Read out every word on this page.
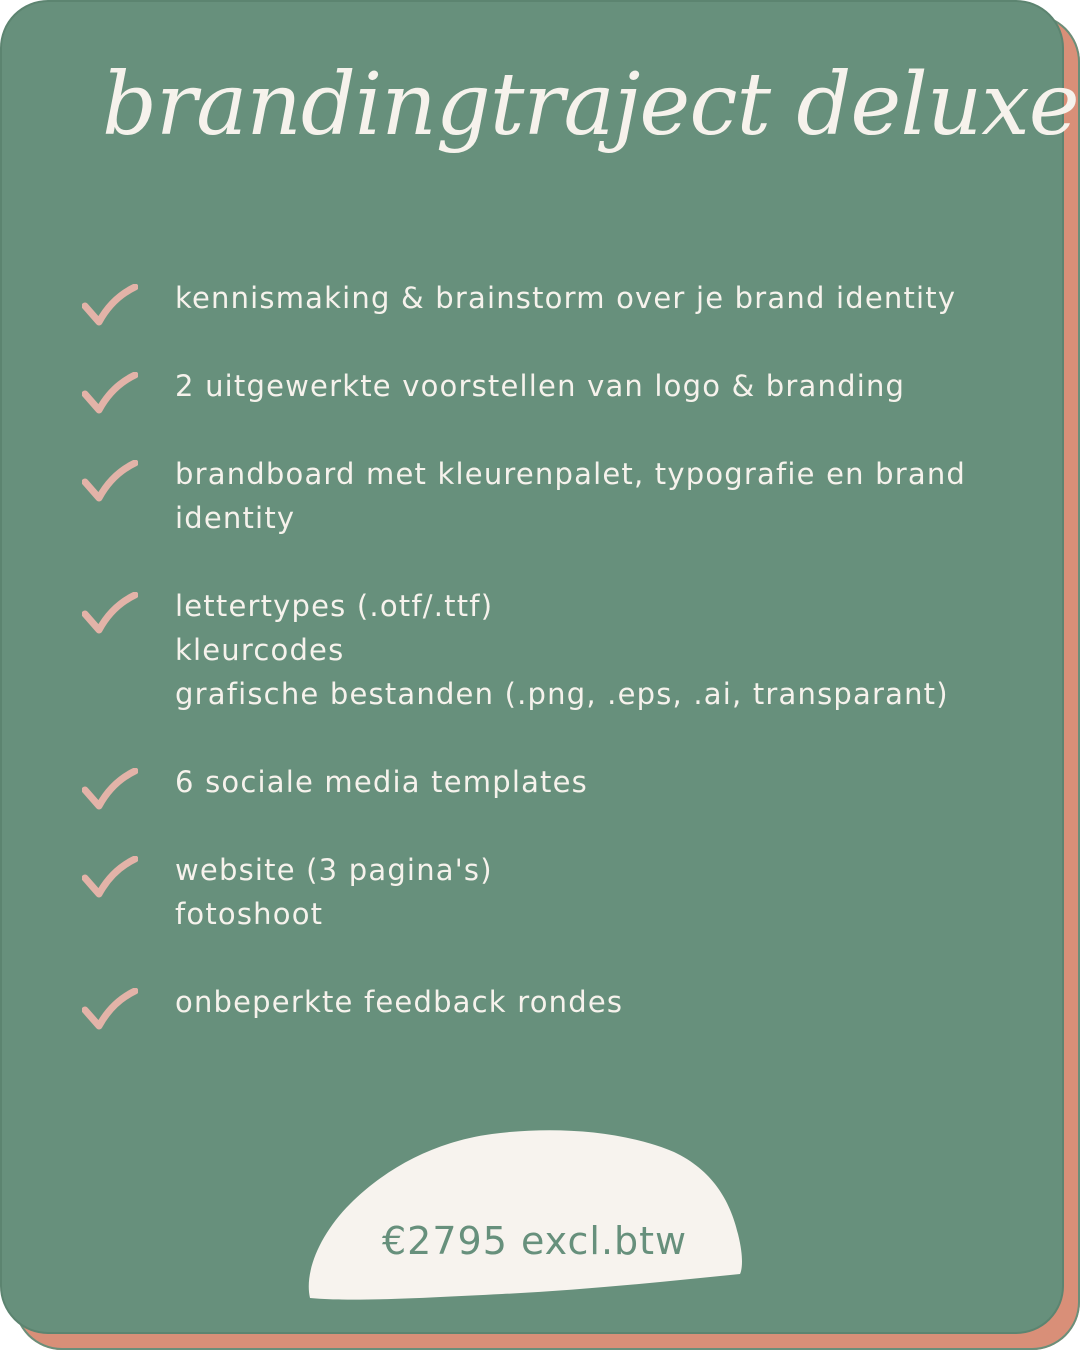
brandingtraject deluxe
kennismaking & brainstorm over je brand identity
2 uitgewerkte voorstellen van logo & branding
brandboard met kleurenpalet, typografie en brand
identity
lettertypes (.otf/.ttf)
kleurcodes
grafische bestanden (.png, .eps, .ai, transparant)
6 sociale media templates
website (3 pagina's)
fotoshoot
onbeperkte feedback rondes
€2795 excl.btw
